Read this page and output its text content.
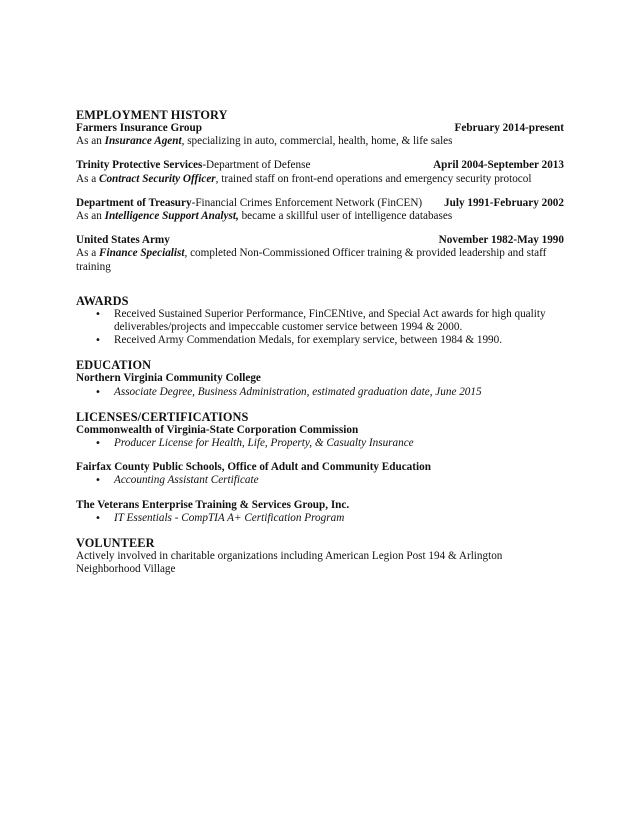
EMPLOYMENT HISTORY
Farmers Insurance Group	February 2014-present
As an Insurance Agent, specializing in auto, commercial, health, home, & life sales
Trinity Protective Services-Department of Defense	April 2004-September 2013
As a Contract Security Officer, trained staff on front-end operations and emergency security protocol
Department of Treasury-Financial Crimes Enforcement Network (FinCEN) July 1991-February 2002
As an Intelligence Support Analyst, became a skillful user of intelligence databases
United States Army	November 1982-May 1990
As a Finance Specialist, completed Non-Commissioned Officer training & provided leadership and staff training
AWARDS
• Received Sustained Superior Performance, FinCENtive, and Special Act awards for high quality deliverables/projects and impeccable customer service between 1994 & 2000.
• Received Army Commendation Medals, for exemplary service, between 1984 & 1990.
EDUCATION
Northern Virginia Community College
• Associate Degree, Business Administration, estimated graduation date, June 2015
LICENSES/CERTIFICATIONS
Commonwealth of Virginia-State Corporation Commission
• Producer License for Health, Life, Property, & Casualty Insurance
Fairfax County Public Schools, Office of Adult and Community Education
• Accounting Assistant Certificate
The Veterans Enterprise Training & Services Group, Inc.
• IT Essentials - CompTIA A+ Certification Program
VOLUNTEER
Actively involved in charitable organizations including American Legion Post 194 & Arlington Neighborhood Village
